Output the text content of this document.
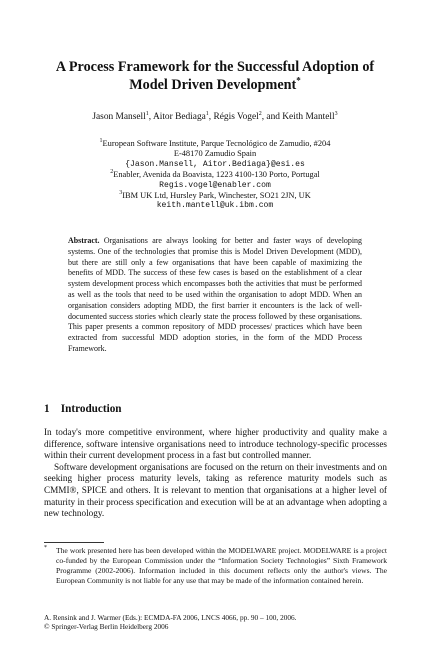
A Process Framework for the Successful Adoption of
Model Driven Development*
Jason Mansell$^1$, Aitor Bediaga$^1$, Régis Vogel$^2$, and Keith Mantell$^3$
$^1$European Software Institute, Parque Tecnológico de Zamudio, #204
E-48170 Zamudio Spain
{Jason.Mansell, Aitor.Bediaga}@esi.es
$^2$Enabler, Avenida da Boavista, 1223 4100-130 Porto, Portugal
Regis.vogel@enabler.com
$^3$IBM UK Ltd, Hursley Park, Winchester, SO21 2JN, UK
keith.mantell@uk.ibm.com
Abstract. Organisations are always looking for better and faster ways of developing systems. One of the technologies that promise this is Model Driven Development (MDD), but there are still only a few organisations that have been capable of maximizing the benefits of MDD. The success of these few cases is based on the establishment of a clear system development process which encompasses both the activities that must be performed as well as the tools that need to be used within the organisation to adopt MDD. When an organisation considers adopting MDD, the first barrier it encounters is the lack of well-documented success stories which clearly state the process followed by these organisations. This paper presents a common repository of MDD processes/ practices which have been extracted from successful MDD adoption stories, in the form of the MDD Process Framework.
1 Introduction

In today's more competitive environment, where higher productivity and quality make a difference, software intensive organisations need to introduce technology-specific processes within their current development process in a fast but controlled manner.

Software development organisations are focused on the return on their investments and on seeking higher process maturity levels, taking as reference maturity models such as CMMI®, SPICE and others. It is relevant to mention that organisations at a higher level of maturity in their process specification and execution will be at an advantage when adopting a new technology.

*	The work presented here has been developed within the MODELWARE project. MODELWARE is a project co-funded by the European Commission under the “Information Society Technologies” Sixth Framework Programme (2002-2006). Information included in this document reflects only the author's views. The European Community is not liable for any use that may be made of the information contained herein.
A. Rensink and J. Warmer (Eds.): ECMDA-FA 2006, LNCS 4066, pp. 90 – 100, 2006.
© Springer-Verlag Berlin Heidelberg 2006
